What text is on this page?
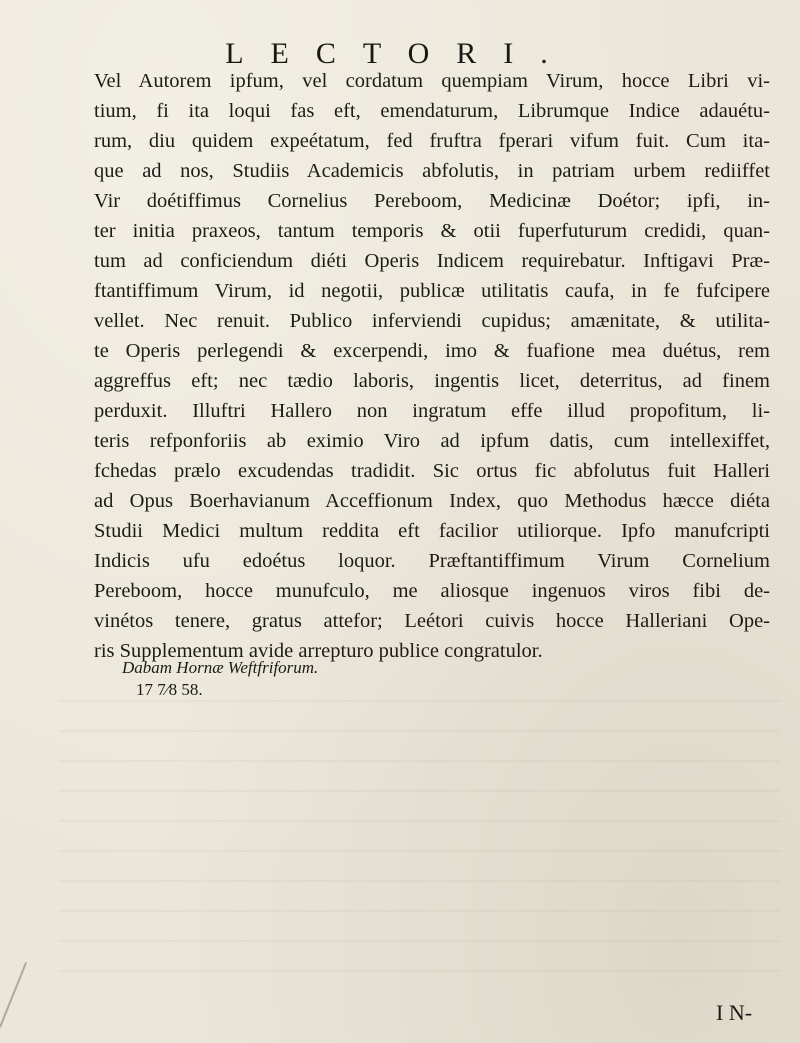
LECTORI.
Vel Autorem ipfum, vel cordatum quempiam Virum, hocce Libri vi-
tium, fi ita loqui fas eft, emendaturum, Librumque Indice adauétu-
rum, diu quidem expeétatum, fed fruftra fperari vifum fuit. Cum ita-
que ad nos, Studiis Academicis abfolutis, in patriam urbem rediiffet
Vir doétiffimus Cornelius Pereboom, Medicinæ Doétor; ipfi, in-
ter initia praxeos, tantum temporis & otii fuperfuturum credidi, quan-
tum ad conficiendum diéti Operis Indicem requirebatur. Inftigavi Præ-
ftantiffimum Virum, id negotii, publicæ utilitatis caufa, in fe fufcipere
vellet. Nec renuit. Publico inferviendi cupidus; amænitate, & utilita-
te Operis perlegendi & excerpendi, imo & fuafione mea duétus, rem
aggreffus eft; nec tædio laboris, ingentis licet, deterritus, ad finem
perduxit. Illuftri Hallero non ingratum effe illud propofitum, li-
teris refponforiis ab eximio Viro ad ipfum datis, cum intellexiffet,
fchedas prælo excudendas tradidit. Sic ortus fic abfolutus fuit Halleri
ad Opus Boerhavianum Acceffionum Index, quo Methodus hæcce diéta
Studii Medici multum reddita eft facilior utiliorque. Ipfo manufcripti
Indicis ufu edoétus loquor. Præftantiffimum Virum Cornelium
Pereboom, hocce munufculo, me aliosque ingenuos viros fibi de-
vinétos tenere, gratus attefor; Leétori cuivis hocce Halleriani Ope-
ris Supplementum avide arrepturo publice congratulor.
Dabam Hornæ Weftfriforum.
17 7⁄8 58.
I N-
